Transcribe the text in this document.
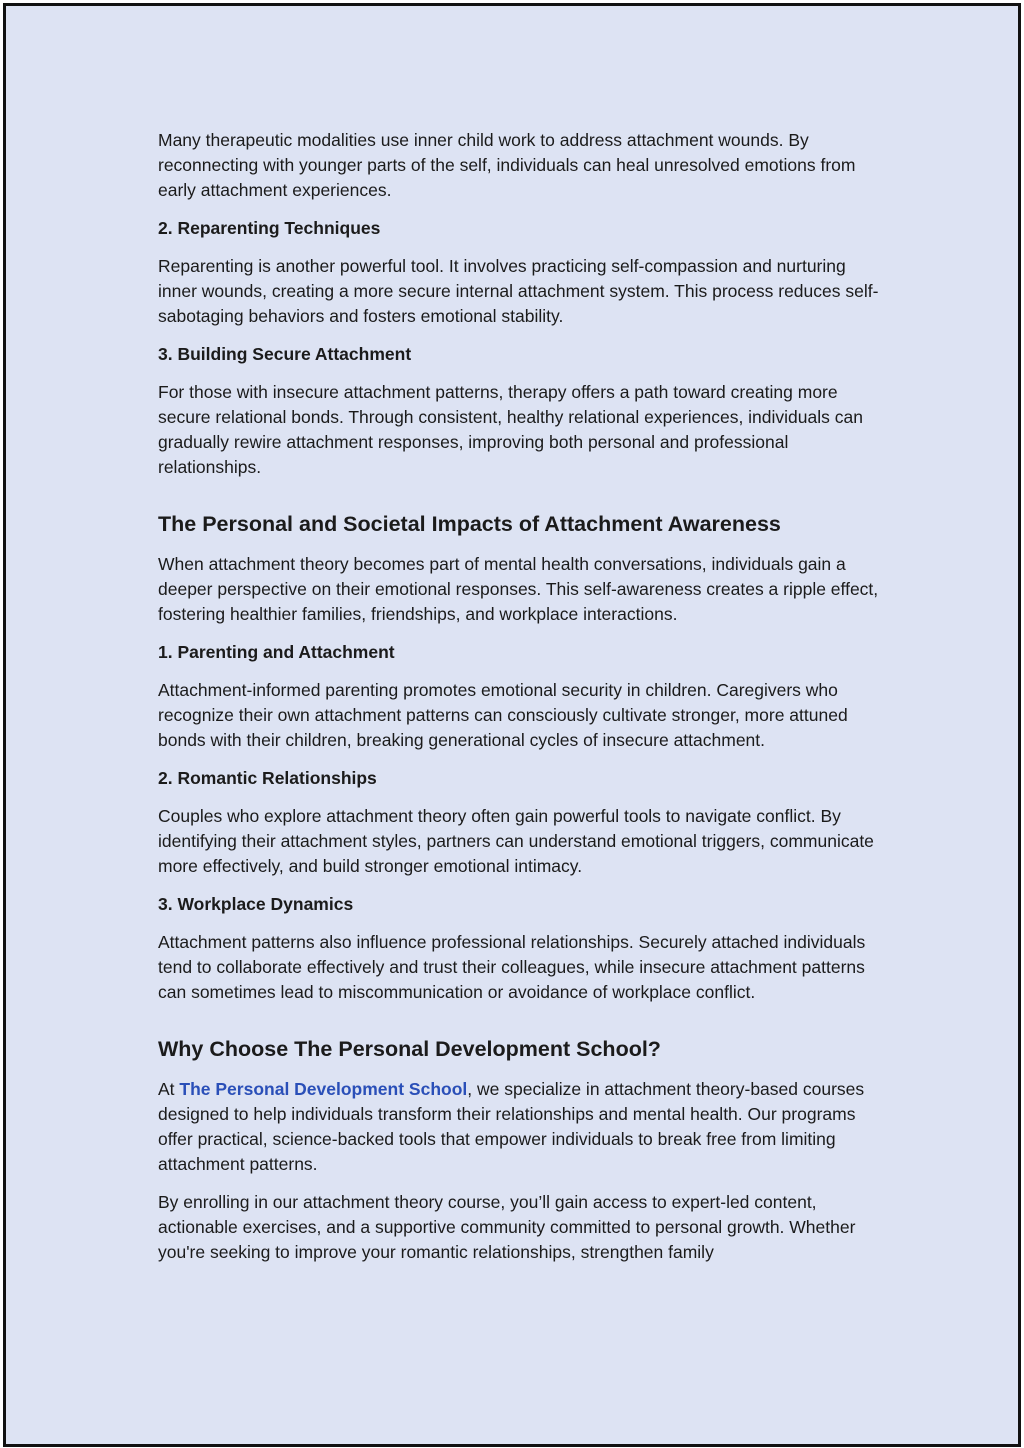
Many therapeutic modalities use inner child work to address attachment wounds. By reconnecting with younger parts of the self, individuals can heal unresolved emotions from early attachment experiences.

2. Reparenting Techniques

Reparenting is another powerful tool. It involves practicing self-compassion and nurturing inner wounds, creating a more secure internal attachment system. This process reduces self-sabotaging behaviors and fosters emotional stability.

3. Building Secure Attachment

For those with insecure attachment patterns, therapy offers a path toward creating more secure relational bonds. Through consistent, healthy relational experiences, individuals can gradually rewire attachment responses, improving both personal and professional relationships.

The Personal and Societal Impacts of Attachment Awareness

When attachment theory becomes part of mental health conversations, individuals gain a deeper perspective on their emotional responses. This self-awareness creates a ripple effect, fostering healthier families, friendships, and workplace interactions.

1. Parenting and Attachment

Attachment-informed parenting promotes emotional security in children. Caregivers who recognize their own attachment patterns can consciously cultivate stronger, more attuned bonds with their children, breaking generational cycles of insecure attachment.

2. Romantic Relationships

Couples who explore attachment theory often gain powerful tools to navigate conflict. By identifying their attachment styles, partners can understand emotional triggers, communicate more effectively, and build stronger emotional intimacy.

3. Workplace Dynamics

Attachment patterns also influence professional relationships. Securely attached individuals tend to collaborate effectively and trust their colleagues, while insecure attachment patterns can sometimes lead to miscommunication or avoidance of workplace conflict.

Why Choose The Personal Development School?

At The Personal Development School, we specialize in attachment theory-based courses designed to help individuals transform their relationships and mental health. Our programs offer practical, science-backed tools that empower individuals to break free from limiting attachment patterns.

By enrolling in our attachment theory course, you’ll gain access to expert-led content, actionable exercises, and a supportive community committed to personal growth. Whether you're seeking to improve your romantic relationships, strengthen family
